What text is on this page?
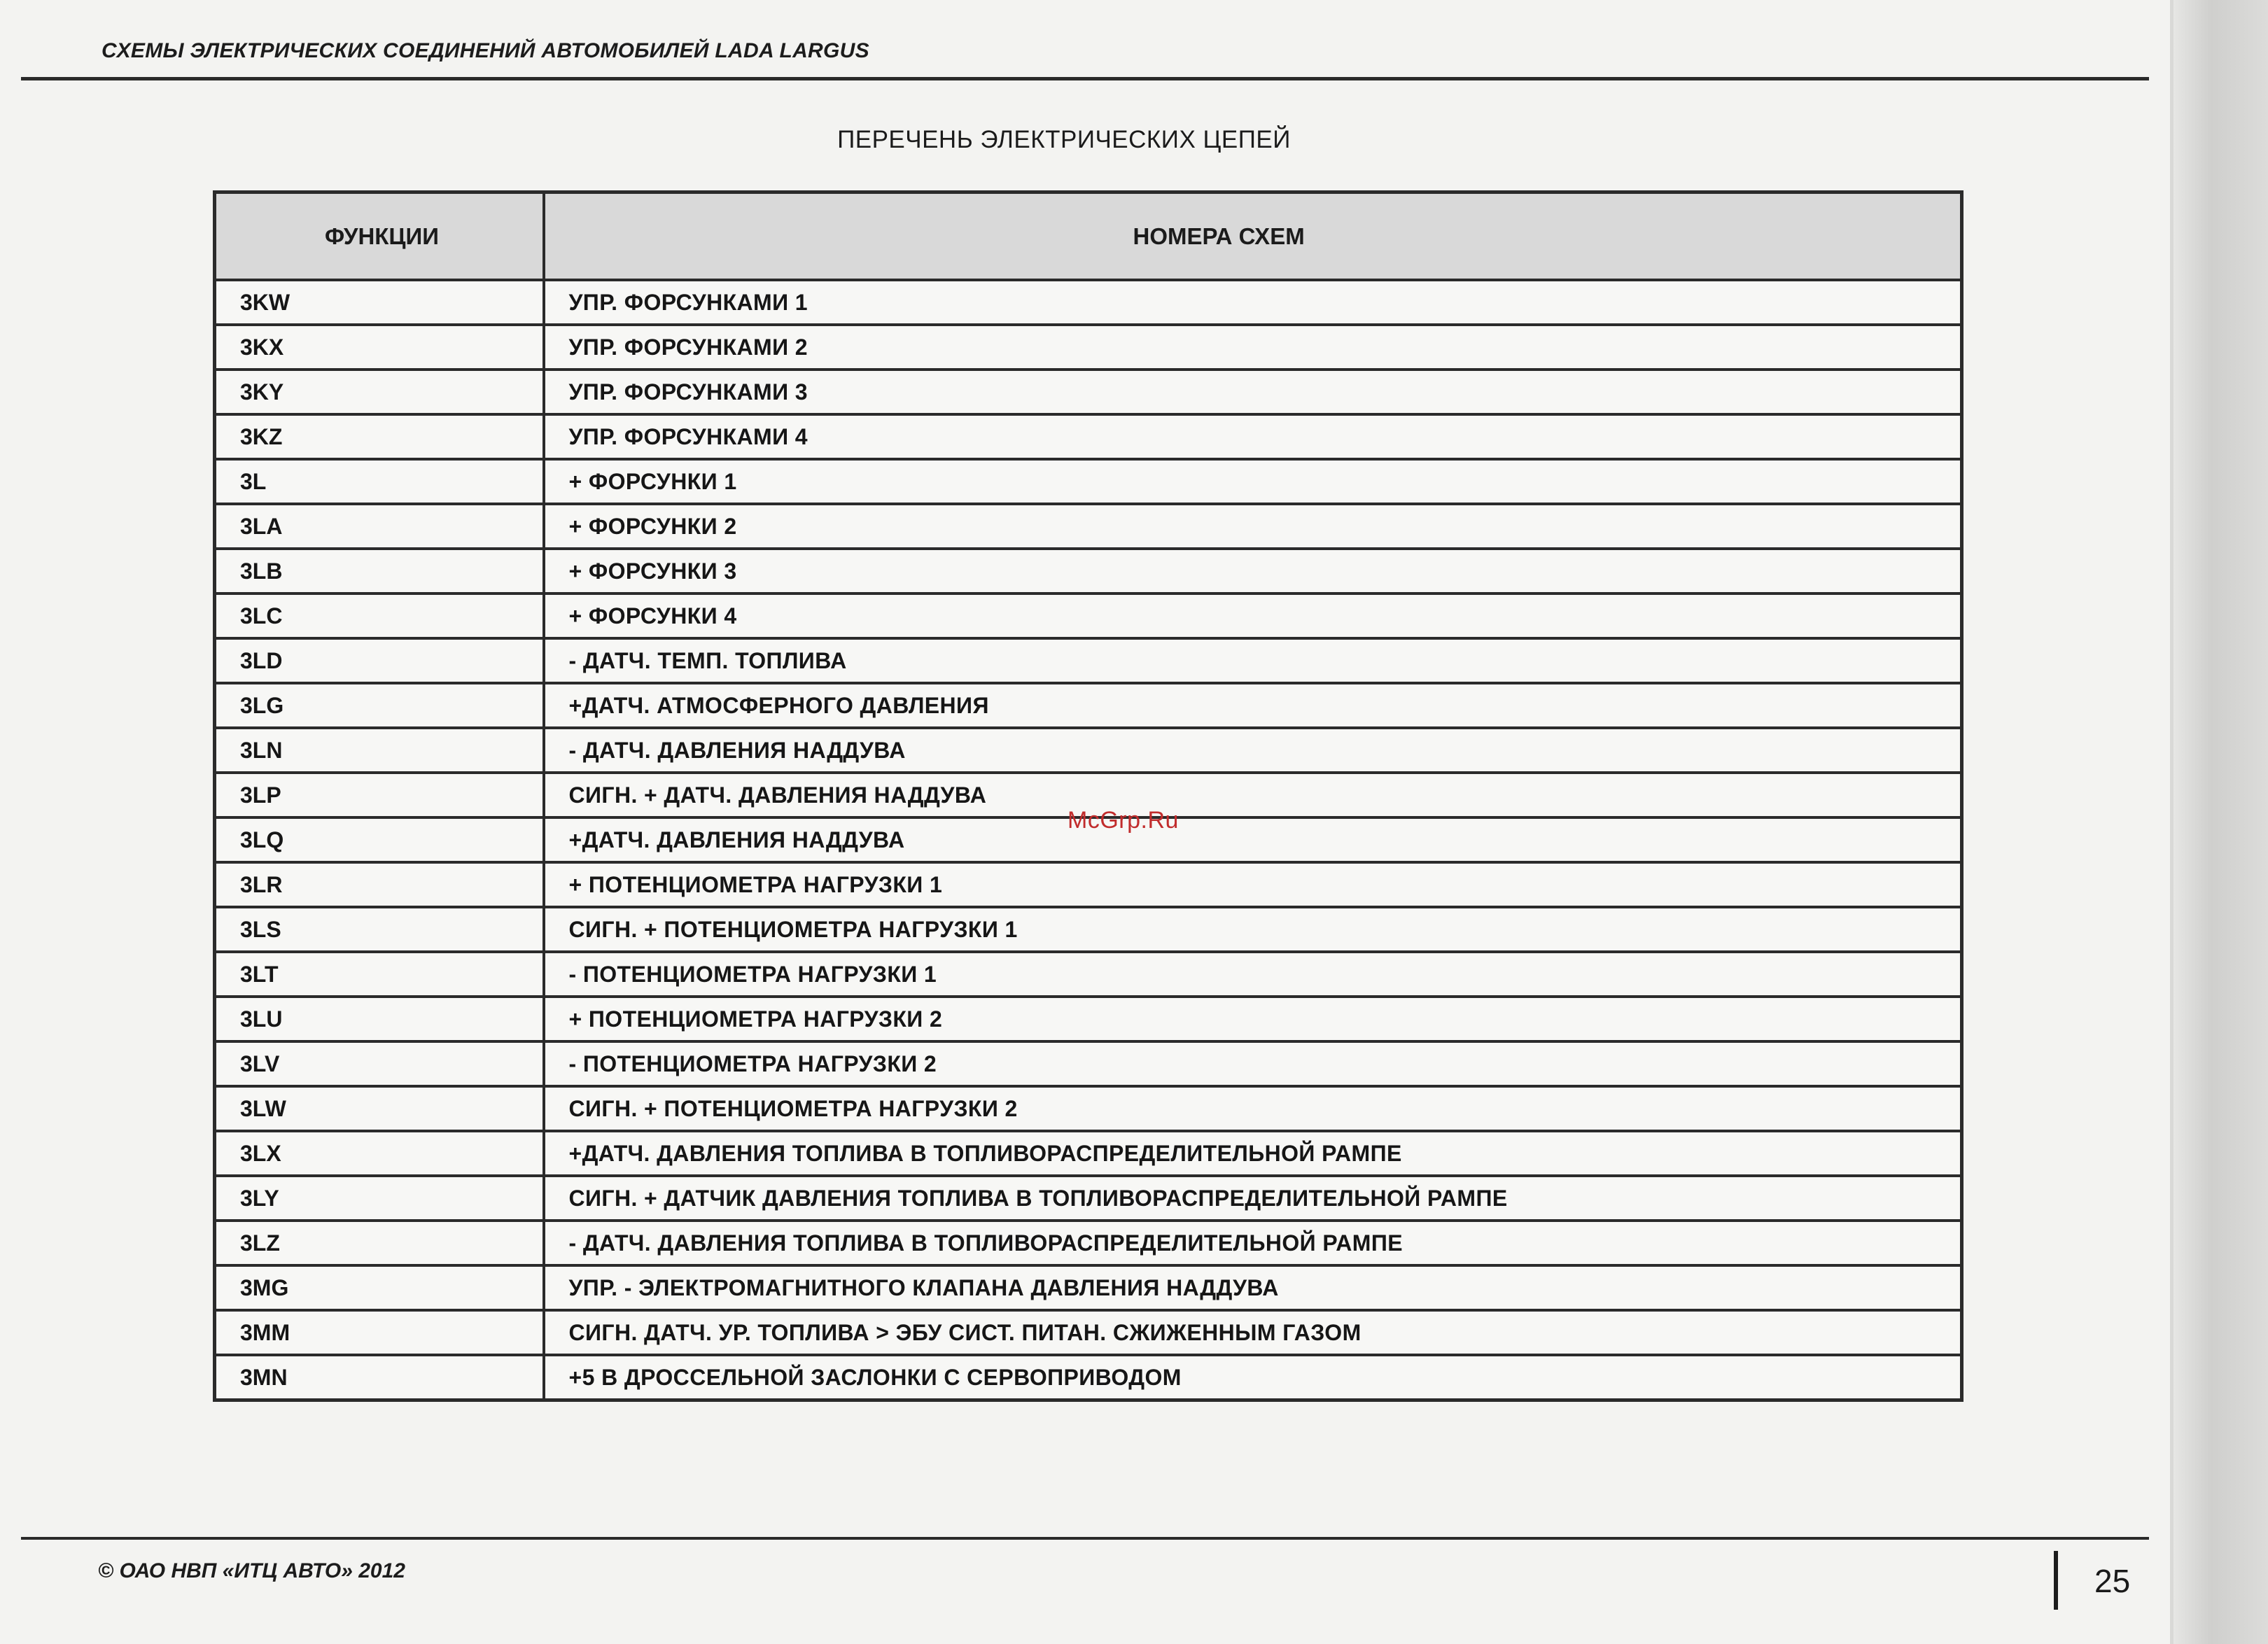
СХЕМЫ ЭЛЕКТРИЧЕСКИХ СОЕДИНЕНИЙ АВТОМОБИЛЕЙ LADA LARGUS
ПЕРЕЧЕНЬ ЭЛЕКТРИЧЕСКИХ ЦЕПЕЙ
ФУНКЦИИ	НОМЕРА СХЕМ
3KW	УПР. ФОРСУНКАМИ 1
3KX	УПР. ФОРСУНКАМИ 2
3KY	УПР. ФОРСУНКАМИ 3
3KZ	УПР. ФОРСУНКАМИ 4
3L	+ ФОРСУНКИ 1
3LA	+ ФОРСУНКИ 2
3LB	+ ФОРСУНКИ 3
3LC	+ ФОРСУНКИ 4
3LD	- ДАТЧ. ТЕМП. ТОПЛИВА
3LG	+ДАТЧ. АТМОСФЕРНОГО ДАВЛЕНИЯ
3LN	- ДАТЧ. ДАВЛЕНИЯ НАДДУВА
3LP	СИГН. + ДАТЧ. ДАВЛЕНИЯ НАДДУВА
3LQ	+ДАТЧ. ДАВЛЕНИЯ НАДДУВА
3LR	+ ПОТЕНЦИОМЕТРА НАГРУЗКИ 1
3LS	СИГН. + ПОТЕНЦИОМЕТРА НАГРУЗКИ 1
3LT	- ПОТЕНЦИОМЕТРА НАГРУЗКИ 1
3LU	+ ПОТЕНЦИОМЕТРА НАГРУЗКИ 2
3LV	- ПОТЕНЦИОМЕТРА НАГРУЗКИ 2
3LW	СИГН. + ПОТЕНЦИОМЕТРА НАГРУЗКИ 2
3LX	+ДАТЧ. ДАВЛЕНИЯ ТОПЛИВА В ТОПЛИВОРАСПРЕДЕЛИТЕЛЬНОЙ РАМПЕ
3LY	СИГН. + ДАТЧИК ДАВЛЕНИЯ ТОПЛИВА В ТОПЛИВОРАСПРЕДЕЛИТЕЛЬНОЙ РАМПЕ
3LZ	- ДАТЧ. ДАВЛЕНИЯ ТОПЛИВА В ТОПЛИВОРАСПРЕДЕЛИТЕЛЬНОЙ РАМПЕ
3MG	УПР. - ЭЛЕКТРОМАГНИТНОГО КЛАПАНА ДАВЛЕНИЯ НАДДУВА
3MM	СИГН. ДАТЧ. УР. ТОПЛИВА > ЭБУ СИСТ. ПИТАН. СЖИЖЕННЫМ ГАЗОМ
3MN	+5 В ДРОССЕЛЬНОЙ ЗАСЛОНКИ С СЕРВОПРИВОДОМ
McGrp.Ru
© ОАО НВП «ИТЦ АВТО» 2012	25
